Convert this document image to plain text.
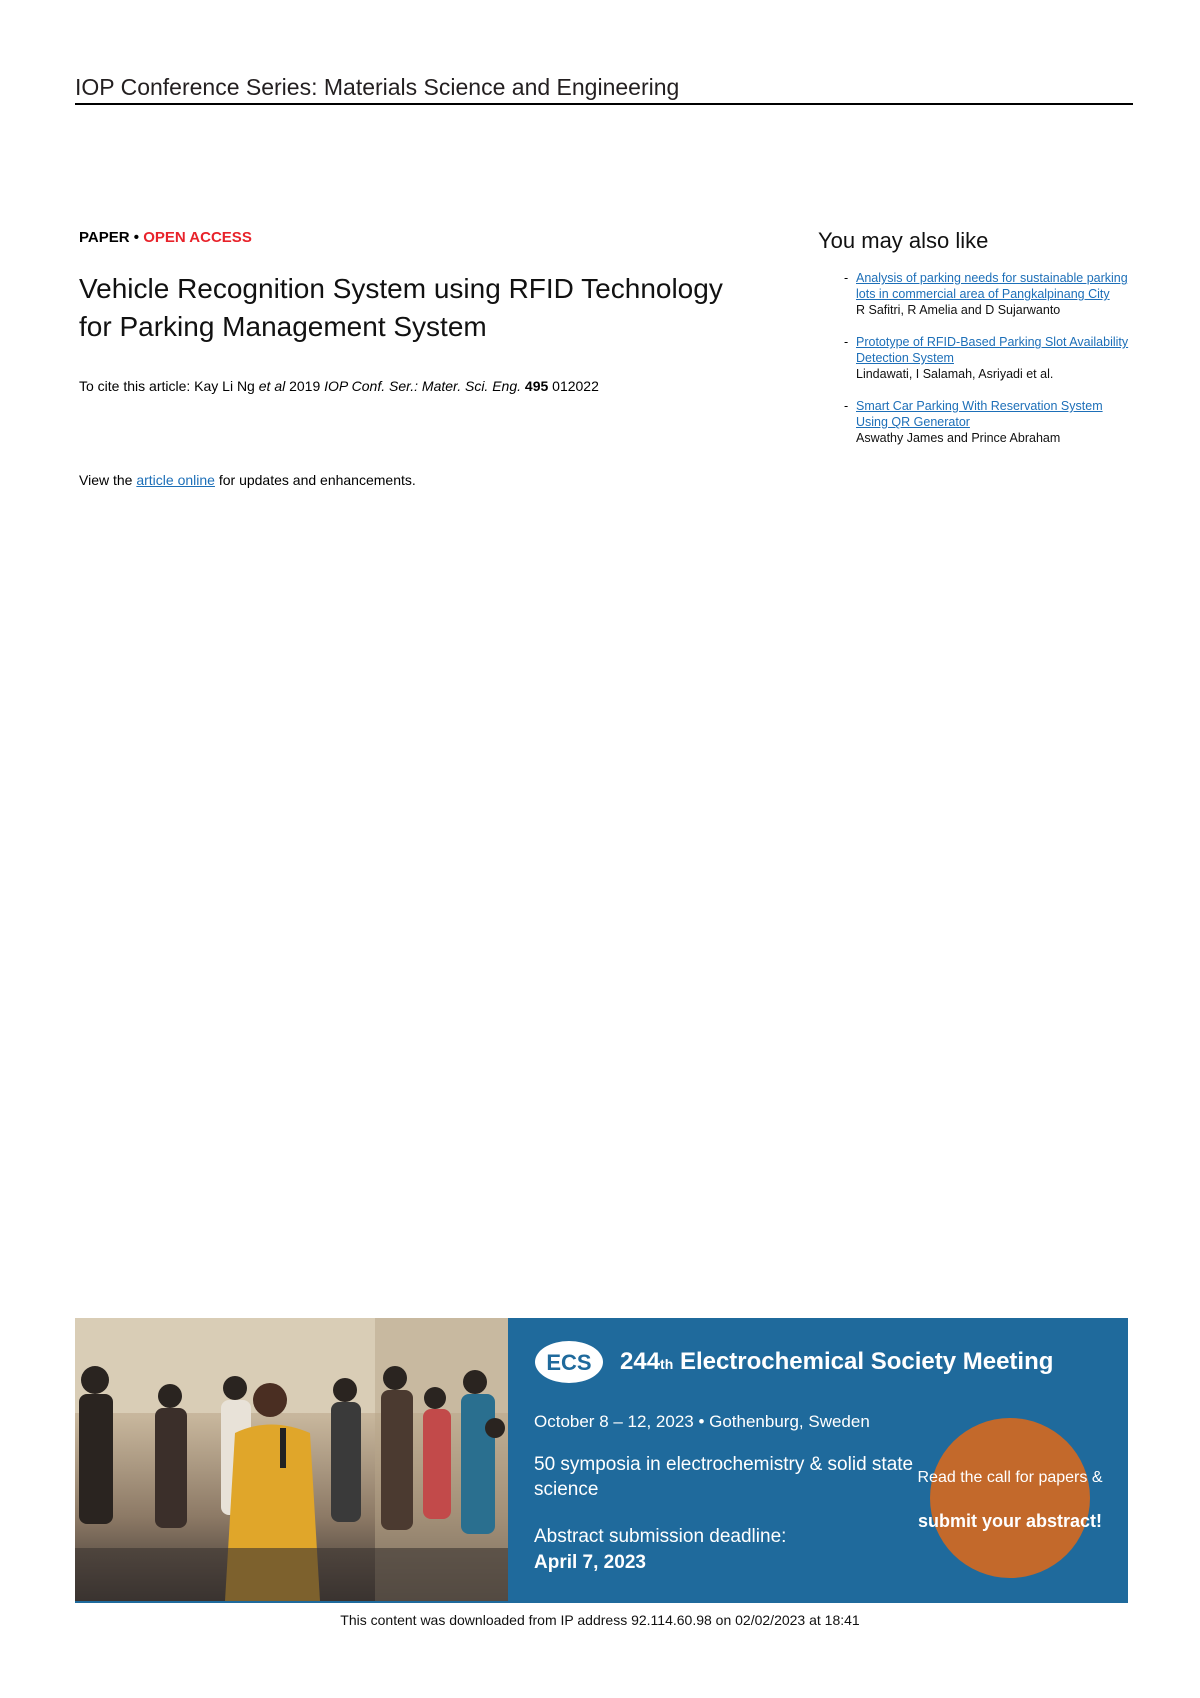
IOP Conference Series: Materials Science and Engineering
PAPER • OPEN ACCESS
Vehicle Recognition System using RFID Technology for Parking Management System
To cite this article: Kay Li Ng et al 2019 IOP Conf. Ser.: Mater. Sci. Eng. 495 012022
View the article online for updates and enhancements.
You may also like
- Analysis of parking needs for sustainable parking lots in commercial area of Pangkalpinang City
R Safitri, R Amelia and D Sujarwanto
- Prototype of RFID-Based Parking Slot Availability Detection System
Lindawati, I Salamah, Asriyadi et al.
- Smart Car Parking With Reservation System Using QR Generator
Aswathy James and Prince Abraham
ECS 244th Electrochemical Society Meeting
October 8 – 12, 2023 • Gothenburg, Sweden
50 symposia in electrochemistry & solid state science
Abstract submission deadline:
April 7, 2023
Read the call for papers &
submit your abstract!
This content was downloaded from IP address 92.114.60.98 on 02/02/2023 at 18:41
